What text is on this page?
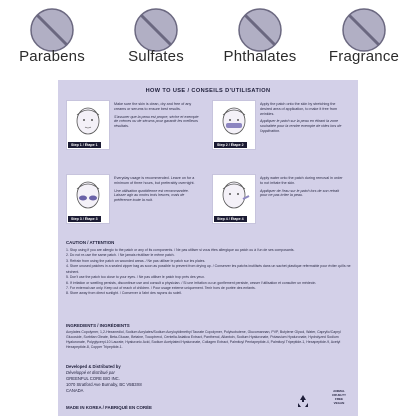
Parabens	Sulfates	Phthalates	Fragrance
HOW TO USE / CONSEILS D'UTILISATION
Step 1 / Étape 1
Make sure the skin is clean, dry and free of any creams or serums to ensure best results.
S'assurer que la peau est propre, sèche et exempte de crèmes ou de sérums pour garantir les meilleurs résultats.
Step 2 / Étape 2
Apply the patch onto the skin by stretching the desired area of application, to make it free from wrinkles.
Appliquer le patch sur la peau en étirant la zone souhaitée pour la rendre exempte de rides lors de l'application.
Step 3 / Étape 3
Everyday usage is recommended. Leave on for a minimum of three hours, but preferably overnight.
Une utilisation quotidienne est recommandée. Laisser agir au moins trois heures, mais de préférence toute la nuit.
Step 4 / Étape 4
Apply water onto the patch during removal in order to not irritate the skin.
Appliquer de l'eau sur le patch lors de son retrait pour ne pas irriter la peau.
CAUTION / ATTENTION
1. Stop using if you are allergic to the patch or any of its components. / Ne pas utiliser si vous êtes allergique au patch ou à l'un de ses composants.
2. Do not re-use the same patch. / Ne jamais réutiliser le même patch.
3. Refrain from using the patch on wounded areas. / Ne pas utiliser le patch sur les plaies.
4. Store unused patches in a sealed zipper bag as soon as possible to prevent from drying up. / Conserver les patchs inutilisés dans un sachet plastique refermable pour éviter qu'ils ne sèchent.
5. Don't use the patch too close to your eyes. / Ne pas utiliser le patch trop près des yeux.
6. If irritation or swelling persists, discontinue use and consult a physician. / Si une irritation ou un gonflement persiste, cesser l'utilisation et consulter un médecin.
7. For external use only. Keep out of reach of children. / Pour usage externe uniquement. Tenir hors de portée des enfants.
8. Store away from direct sunlight. / Conserver à l'abri des rayons du soleil.
INGREDIENTS / INGRÉDIENTS
Acrylates Copolymer, 1,2-Hexanediol, Sodium Acrylates/Sodium Acryloyldimethyl Taurate Copolymer, Polyisobutene, Glucomannan, PVP, Butylene Glycol, Water, Caprylic/Capryl Glucoside, Sorbitan Oleate, Beta-Glucan, Betaine, Tocopherol, Centella Asiatica Extract, Panthenol, Allantoin, Sodium Hyaluronate, Potassium Hyaluronate, Hydrolyzed Sodium Hyaluronate, Polyglyceryl-10 Laurate, Hyaluronic Acid, Sodium Acetylated Hyaluronate, Collagen Extract, Palmitoyl Pentapeptide-4, Palmitoyl Tripeptide-1, Hexapeptide-9, Acetyl Hexapeptide-8, Copper Tripeptide-1.
Developed & Distributed by
Développé et distribué par
GREENFUL CORE BIO INC.
1070 Stratford Ave Burnaby, BC V5B3X8
CANADA
MADE IN KOREA / FABRIQUÉ EN CORÉE
ANIMAL
CRUELTY
FREE
VEGAN
